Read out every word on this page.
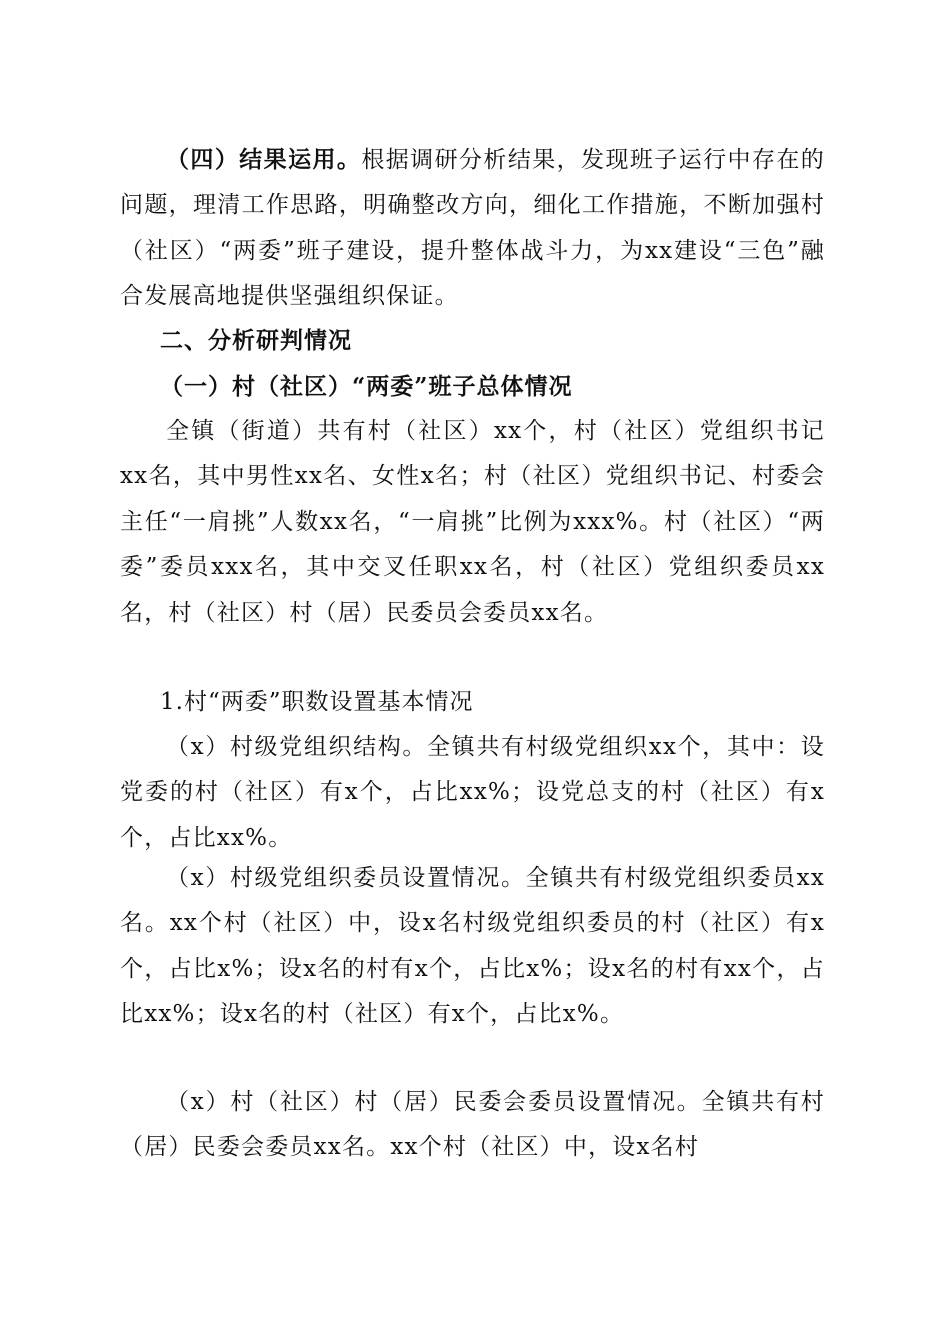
（四）结果运用。根据调研分析结果，发现班子运行中存在的问题，理清工作思路，明确整改方向，细化工作措施，不断加强村（社区）“两委”班子建设，提升整体战斗力，为xx建设“三色”融合发展高地提供坚强组织保证。

二、分析研判情况

（一）村（社区）“两委”班子总体情况

全镇（街道）共有村（社区）xx个，村（社区）党组织书记xx名，其中男性xx名、女性x名；村（社区）党组织书记、村委会主任“一肩挑”人数xx名，“一肩挑”比例为xxx%。村（社区）“两委”委员xxx名，其中交叉任职xx名，村（社区）党组织委员xx名，村（社区）村（居）民委员会委员xx名。

1.村“两委”职数设置基本情况

（x）村级党组织结构。全镇共有村级党组织xx个，其中：设党委的村（社区）有x个，占比xx%；设党总支的村（社区）有x个，占比xx%。

（x）村级党组织委员设置情况。全镇共有村级党组织委员xx名。xx个村（社区）中，设x名村级党组织委员的村（社区）有x个，占比x%；设x名的村有x个，占比x%；设x名的村有xx个，占比xx%；设x名的村（社区）有x个，占比x%。

（x）村（社区）村（居）民委会委员设置情况。全镇共有村（居）民委会委员xx名。xx个村（社区）中，设x名村
